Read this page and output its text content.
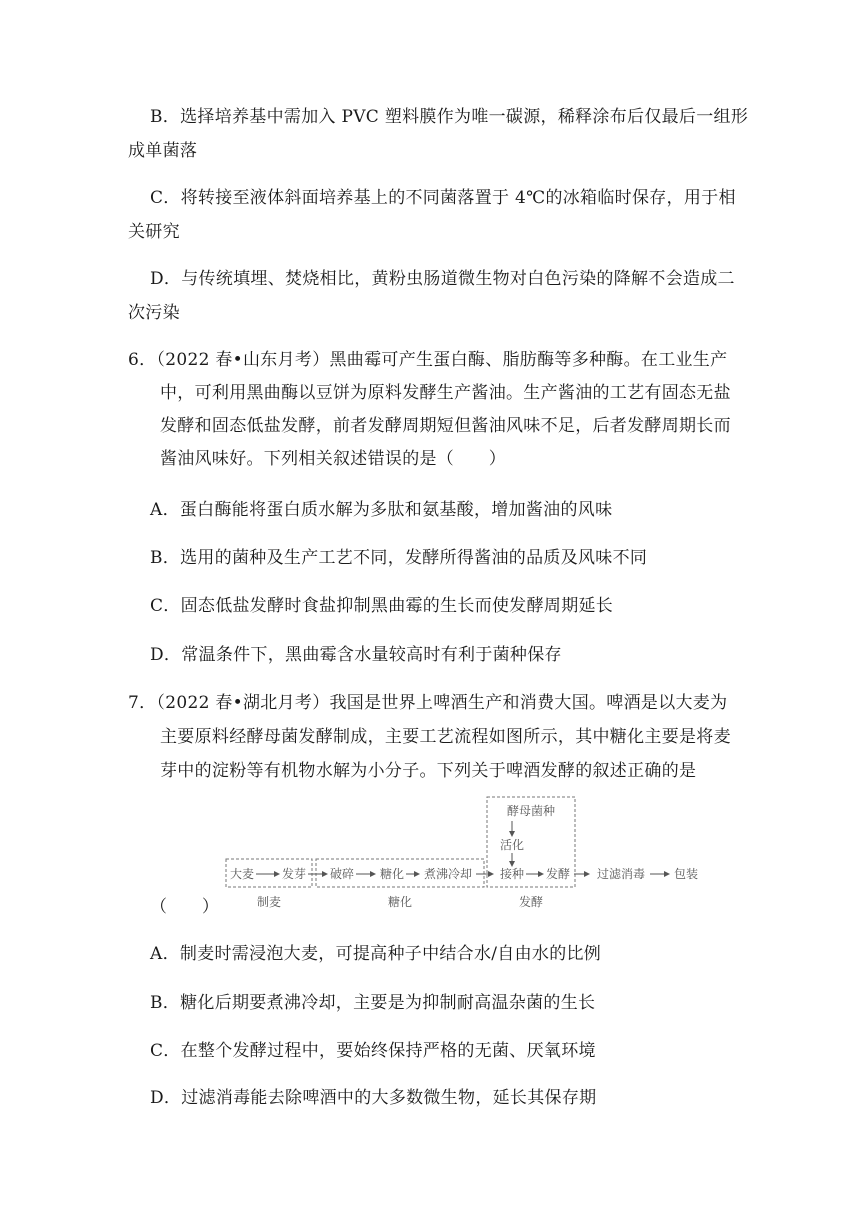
B．选择培养基中需加入 PVC 塑料膜作为唯一碳源，稀释涂布后仅最后一组形
成单菌落
C．将转接至液体斜面培养基上的不同菌落置于 4℃的冰箱临时保存，用于相
关研究
D．与传统填埋、焚烧相比，黄粉虫肠道微生物对白色污染的降解不会造成二
次污染
6．（2022 春•山东月考）黑曲霉可产生蛋白酶、脂肪酶等多种酶。在工业生产
中，可利用黑曲酶以豆饼为原料发酵生产酱油。生产酱油的工艺有固态无盐
发酵和固态低盐发酵，前者发酵周期短但酱油风味不足，后者发酵周期长而
酱油风味好。下列相关叙述错误的是（　　）
A．蛋白酶能将蛋白质水解为多肽和氨基酸，增加酱油的风味
B．选用的菌种及生产工艺不同，发酵所得酱油的品质及风味不同
C．固态低盐发酵时食盐抑制黑曲霉的生长而使发酵周期延长
D．常温条件下，黑曲霉含水量较高时有利于菌种保存
7．（2022 春•湖北月考）我国是世界上啤酒生产和消费大国。啤酒是以大麦为
主要原料经酵母菌发酵制成，主要工艺流程如图所示，其中糖化主要是将麦
芽中的淀粉等有机物水解为小分子。下列关于啤酒发酵的叙述正确的是
酵母菌种
活化
大麦 发芽 破碎 糖化 煮沸冷却 接种 发酵 过滤消毒 包装
制麦	糖化	发酵
（　　）
A．制麦时需浸泡大麦，可提高种子中结合水/自由水的比例
B．糖化后期要煮沸冷却，主要是为抑制耐高温杂菌的生长
C．在整个发酵过程中，要始终保持严格的无菌、厌氧环境
D．过滤消毒能去除啤酒中的大多数微生物，延长其保存期
